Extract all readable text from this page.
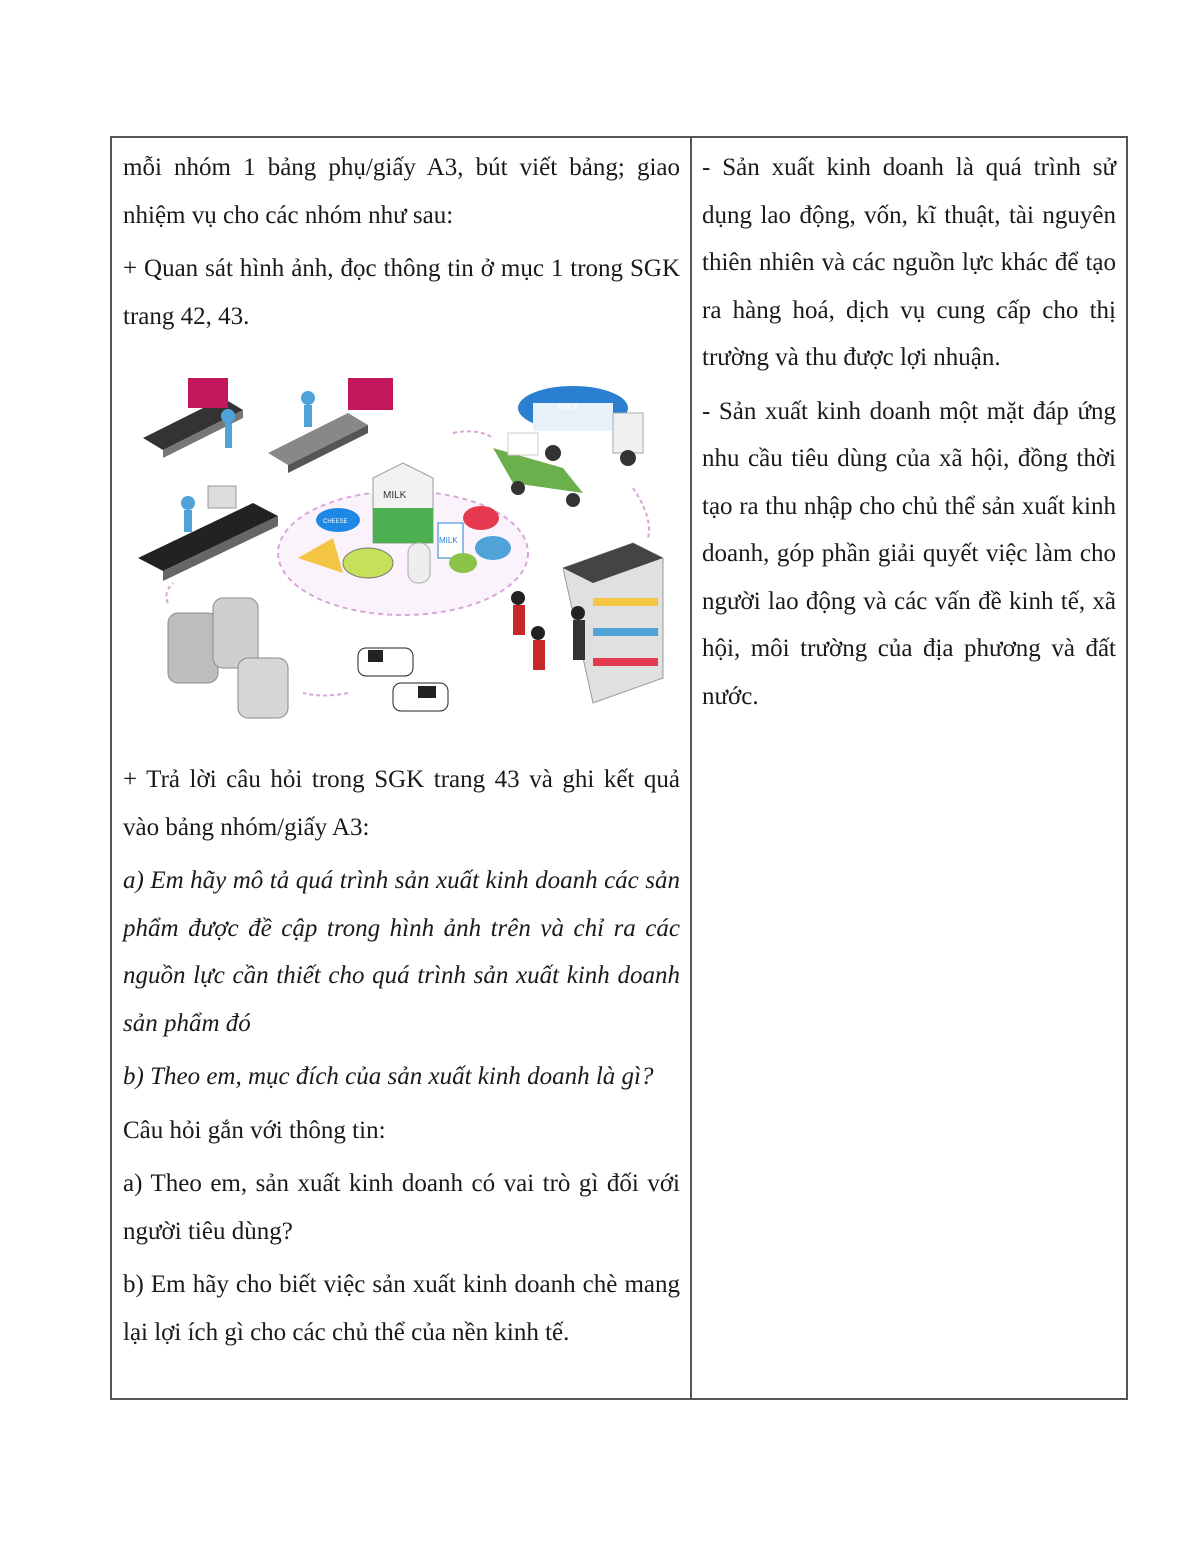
mỗi nhóm 1 bảng phụ/giấy A3, bút viết bảng; giao nhiệm vụ cho các nhóm như sau:

+ Quan sát hình ảnh, đọc thông tin ở mục 1 trong SGK trang 42, 43.

MILK
MILK
CHEESE
MILK

+ Trả lời câu hỏi trong SGK trang 43 và ghi kết quả vào bảng nhóm/giấy A3:

a) Em hãy mô tả quá trình sản xuất kinh doanh các sản phẩm được đề cập trong hình ảnh trên và chỉ ra các nguồn lực cần thiết cho quá trình sản xuất kinh doanh sản phẩm đó

b) Theo em, mục đích của sản xuất kinh doanh là gì?

Câu hỏi gắn với thông tin:

a) Theo em, sản xuất kinh doanh có vai trò gì đối với người tiêu dùng?

b) Em hãy cho biết việc sản xuất kinh doanh chè mang lại lợi ích gì cho các chủ thể của nền kinh tế.

- Sản xuất kinh doanh là quá trình sử dụng lao động, vốn, kĩ thuật, tài nguyên thiên nhiên và các nguồn lực khác để tạo ra hàng hoá, dịch vụ cung cấp cho thị trường và thu được lợi nhuận.

- Sản xuất kinh doanh một mặt đáp ứng nhu cầu tiêu dùng của xã hội, đồng thời tạo ra thu nhập cho chủ thể sản xuất kinh doanh, góp phần giải quyết việc làm cho người lao động và các vấn đề kinh tế, xã hội, môi trường của địa phương và đất nước.
